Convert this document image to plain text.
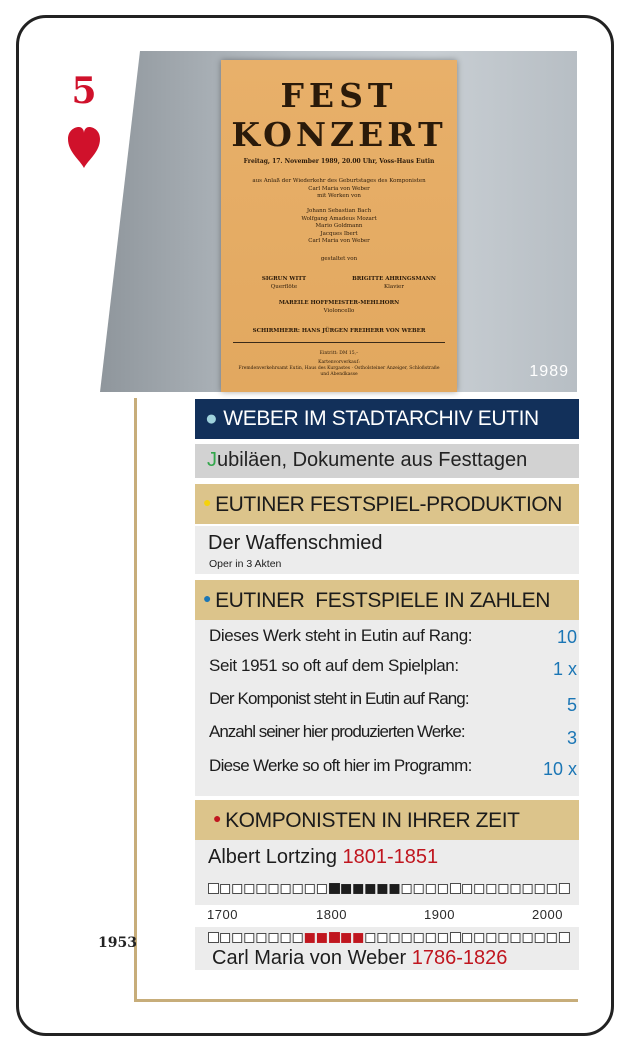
5	FEST
KONZERT
Freitag, 17. November 1989, 20.00 Uhr, Voss-Haus Eutin
aus Anlaß der Wiederkehr des Geburtstages des Komponisten
Carl Maria von Weber
mit Werken von
Johann Sebastian Bach
Wolfgang Amadeus Mozart
Mario Goldmann
Jacques Ibert
Carl Maria von Weber
gestaltet von
SIGRUN WITT
Querflöte
BRIGITTE AHRINGSMANN
Klavier
MAREILE HOFFMEISTER-MEHLHORN
Violoncello
SCHIRMHERR: HANS JÜRGEN FREIHERR VON WEBER
Eintritt: DM 15,–
Kartenvorverkauf:
Fremdenverkehrsamt Eutin, Haus des Kurgastes · Ostholsteiner Anzeiger, Schloßstraße
und Abendkasse	1989
1953
● WEBER IM STADTARCHIV EUTIN
Jubiläen, Dokumente aus Festtagen
● EUTINER FESTSPIEL-PRODUKTION
Der Waffenschmied
Oper in 3 Akten
● EUTINER  FESTSPIELE IN ZAHLEN
Dieses Werk steht in Eutin auf Rang:	10
Seit 1951 so oft auf dem Spielplan:	1 x
Der Komponist steht in Eutin auf Rang:	5
Anzahl seiner hier produzierten Werke:	3
Diese Werke so oft hier im Programm:	10 x
● KOMPONISTEN IN IHRER ZEIT
Albert Lortzing 1801-1851
1700	1800	1900	2000
Carl Maria von Weber 1786-1826
